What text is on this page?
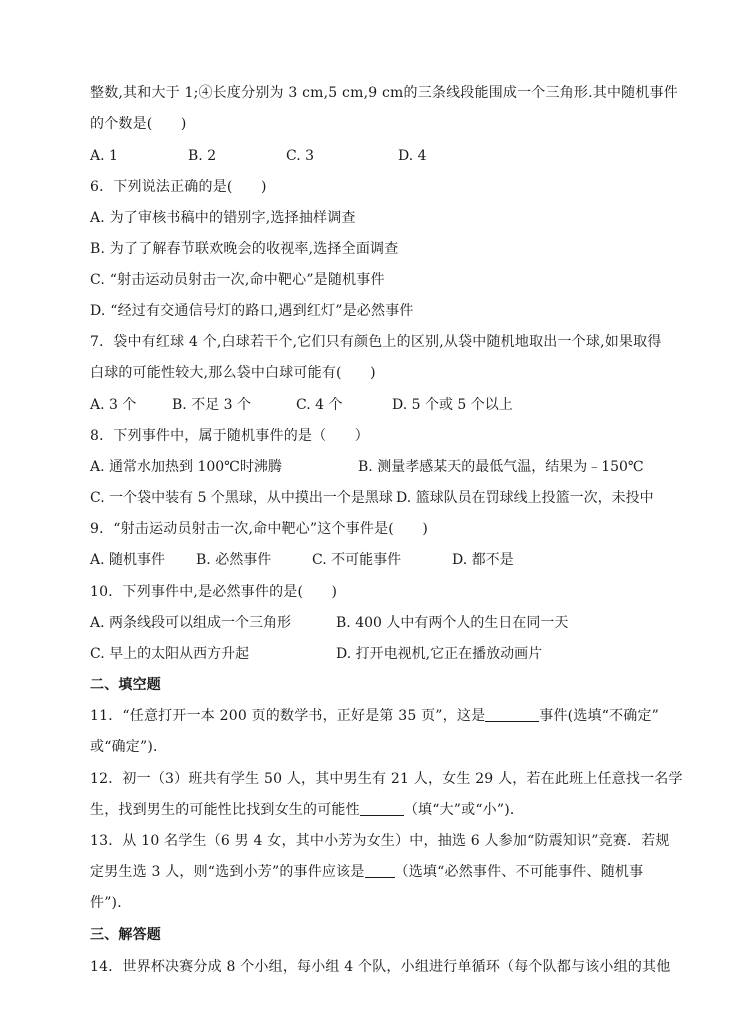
整数,其和大于 1;④长度分别为 3 cm,5 cm,9 cm的三条线段能围成一个三角形.其中随机事件
的个数是(　　)
A. 1	B. 2	C. 3	D. 4
6．下列说法正确的是(　　)
A. 为了审核书稿中的错别字,选择抽样调查
B. 为了了解春节联欢晚会的收视率,选择全面调查
C. “射击运动员射击一次,命中靶心”是随机事件
D. “经过有交通信号灯的路口,遇到红灯”是必然事件
7．袋中有红球 4 个,白球若干个,它们只有颜色上的区别,从袋中随机地取出一个球,如果取得
白球的可能性较大,那么袋中白球可能有(　　)
A. 3 个	B. 不足 3 个	C. 4 个	D. 5 个或 5 个以上
8．下列事件中，属于随机事件的是（　　）
A. 通常水加热到 100℃时沸腾	B. 测量孝感某天的最低气温，结果为﹣150℃
C. 一个袋中装有 5 个黑球，从中摸出一个是黑球 D. 篮球队员在罚球线上投篮一次，未投中
9．“射击运动员射击一次,命中靶心”这个事件是(　　)
A. 随机事件 B. 必然事件	C. 不可能事件	D. 都不是
10．下列事件中,是必然事件的是(　　)
A. 两条线段可以组成一个三角形	B. 400 人中有两个人的生日在同一天
C. 早上的太阳从西方升起	D. 打开电视机,它正在播放动画片
二、填空题
11．“任意打开一本 200 页的数学书，正好是第 35 页”，这是	事件(选填“不确定”
或“确定”)．
12．初一（3）班共有学生 50 人，其中男生有 21 人，女生 29 人，若在此班上任意找一名学
生，找到男生的可能性比找到女生的可能性	（填“大”或“小”)．
13．从 10 名学生（6 男 4 女，其中小芳为女生）中，抽选 6 人参加“防震知识”竞赛．若规
定男生选 3 人，则“选到小芳”的事件应该是 （选填“必然事件、不可能事件、随机事
件”)．
三、解答题
14．世界杯决赛分成 8 个小组，每小组 4 个队，小组进行单循环（每个队都与该小组的其他
